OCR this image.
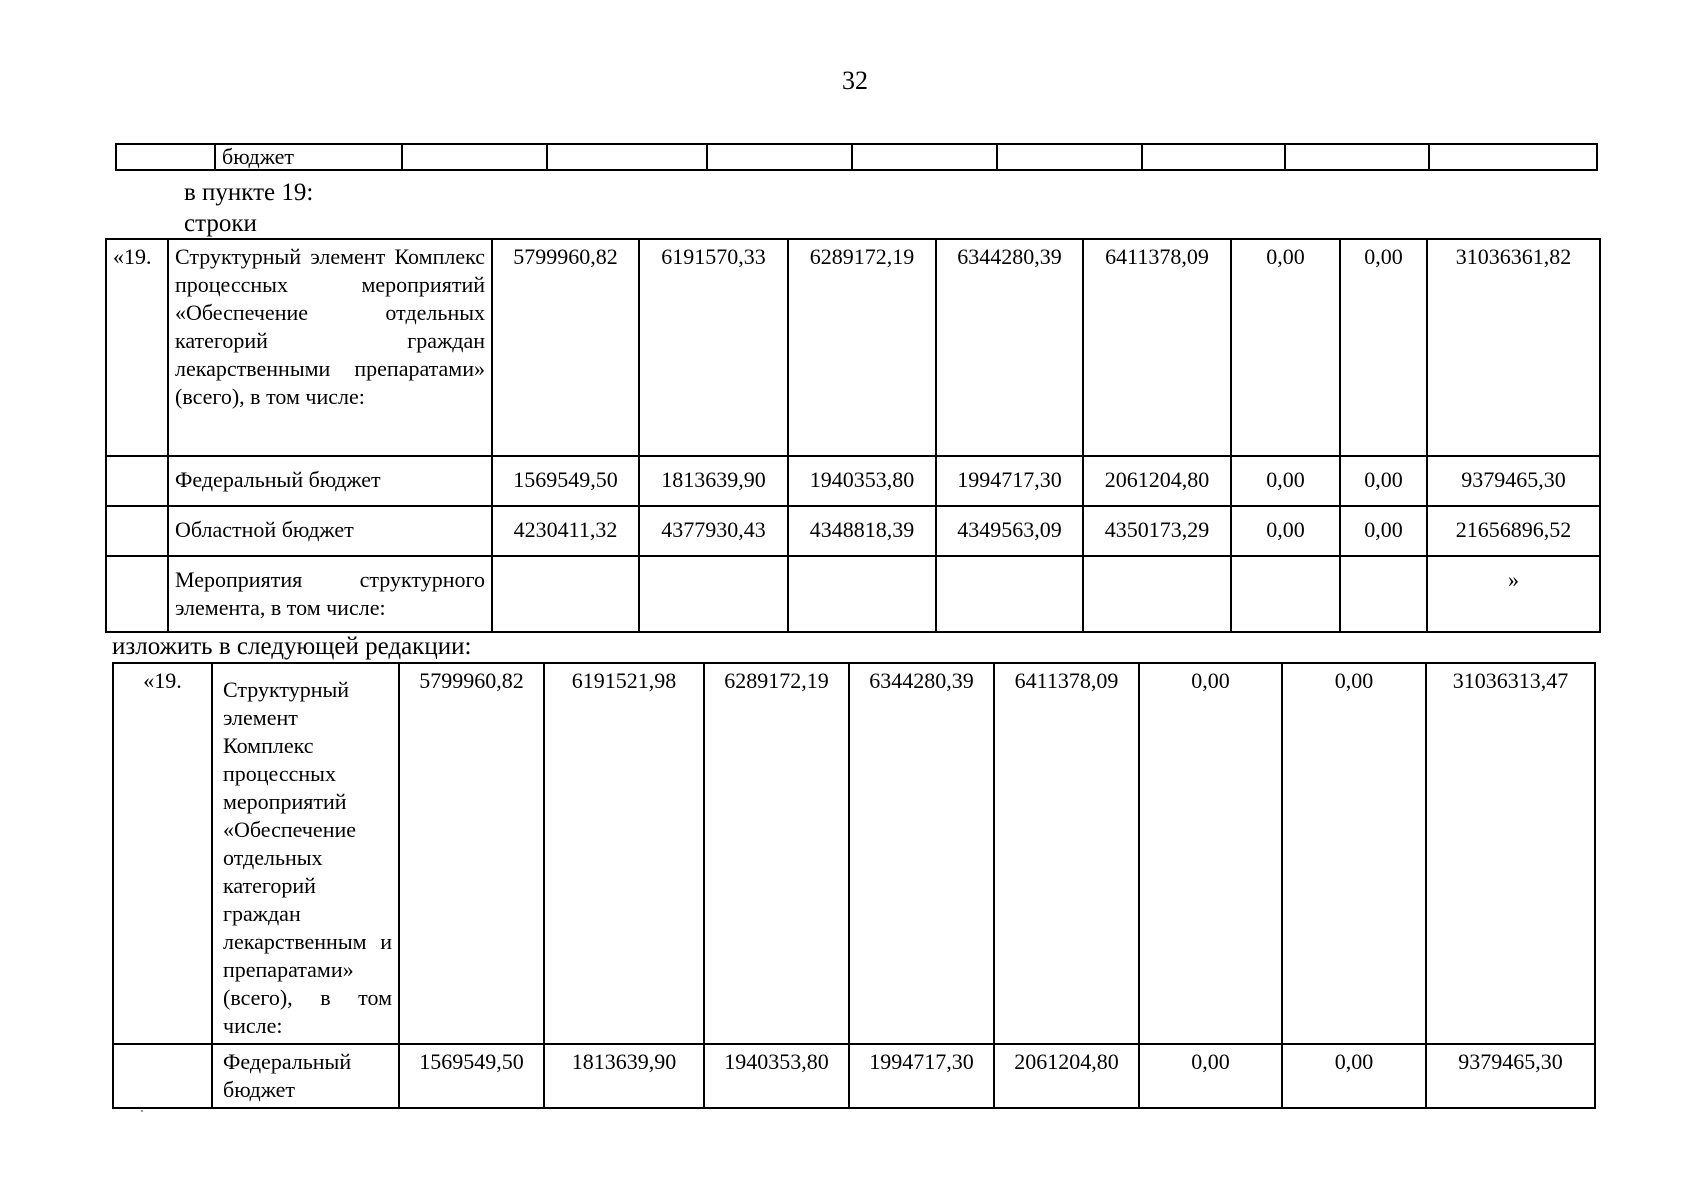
32
	бюджет								
в пункте 19:
строки
«19.	Структурный элемент Комплекс процессных мероприятий «Обеспечение отдельных категорий граждан лекарственными препаратами» (всего), в том числе:	5799960,82	6191570,33	6289172,19	6344280,39	6411378,09	0,00	0,00	31036361,82
	Федеральный бюджет	1569549,50	1813639,90	1940353,80	1994717,30	2061204,80	0,00	0,00	9379465,30
	Областной бюджет	4230411,32	4377930,43	4348818,39	4349563,09	4350173,29	0,00	0,00	21656896,52
	Мероприятия структурного элемента, в том числе:								»
изложить в следующей редакции:
«19.	Структурный элемент Комплекс процессных мероприятий «Обеспечение отдельных категорий граждан лекарственным и препаратами» (всего), в том числе:	5799960,82	6191521,98	6289172,19	6344280,39	6411378,09	0,00	0,00	31036313,47
	Федеральный бюджет	1569549,50	1813639,90	1940353,80	1994717,30	2061204,80	0,00	0,00	9379465,30
